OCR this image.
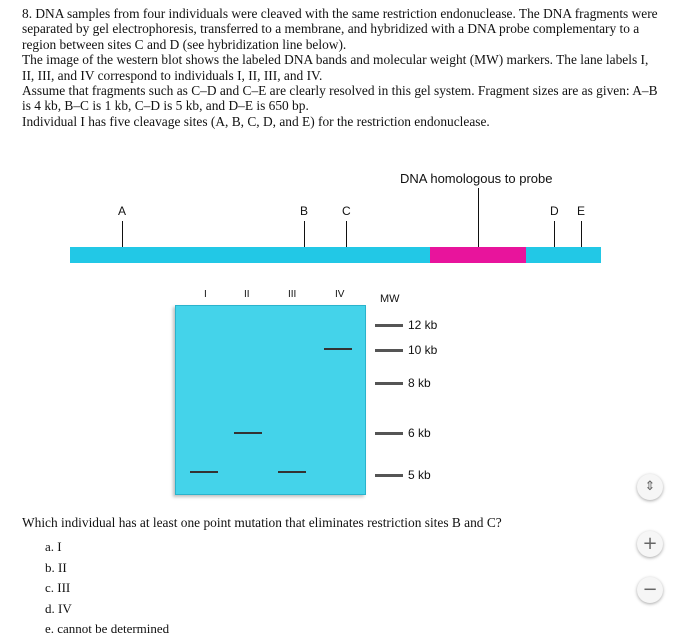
8. DNA samples from four individuals were cleaved with the same restriction endonuclease. The DNA fragments were separated by gel electrophoresis, transferred to a membrane, and hybridized with a DNA probe complementary to a region between sites C and D (see hybridization line below).

The image of the western blot shows the labeled DNA bands and molecular weight (MW) markers. The lane labels I, II, III, and IV correspond to individuals I, II, III, and IV.

Assume that fragments such as C–D and C–E are clearly resolved in this gel system. Fragment sizes are as given: A–B is 4 kb, B–C is 1 kb, C–D is 5 kb, and D–E is 650 bp.

Individual I has five cleavage sites (A, B, C, D, and E) for the restriction endonuclease.

DNA homologous to probe
A	B	C	D E
I	II	III	IV	MW
12 kb
10 kb
8 kb
6 kb
5 kb
Which individual has at least one point mutation that eliminates restriction sites B and C?
a. I
b. II
c. III
d. IV
e. cannot be determined
⇕
+
−
